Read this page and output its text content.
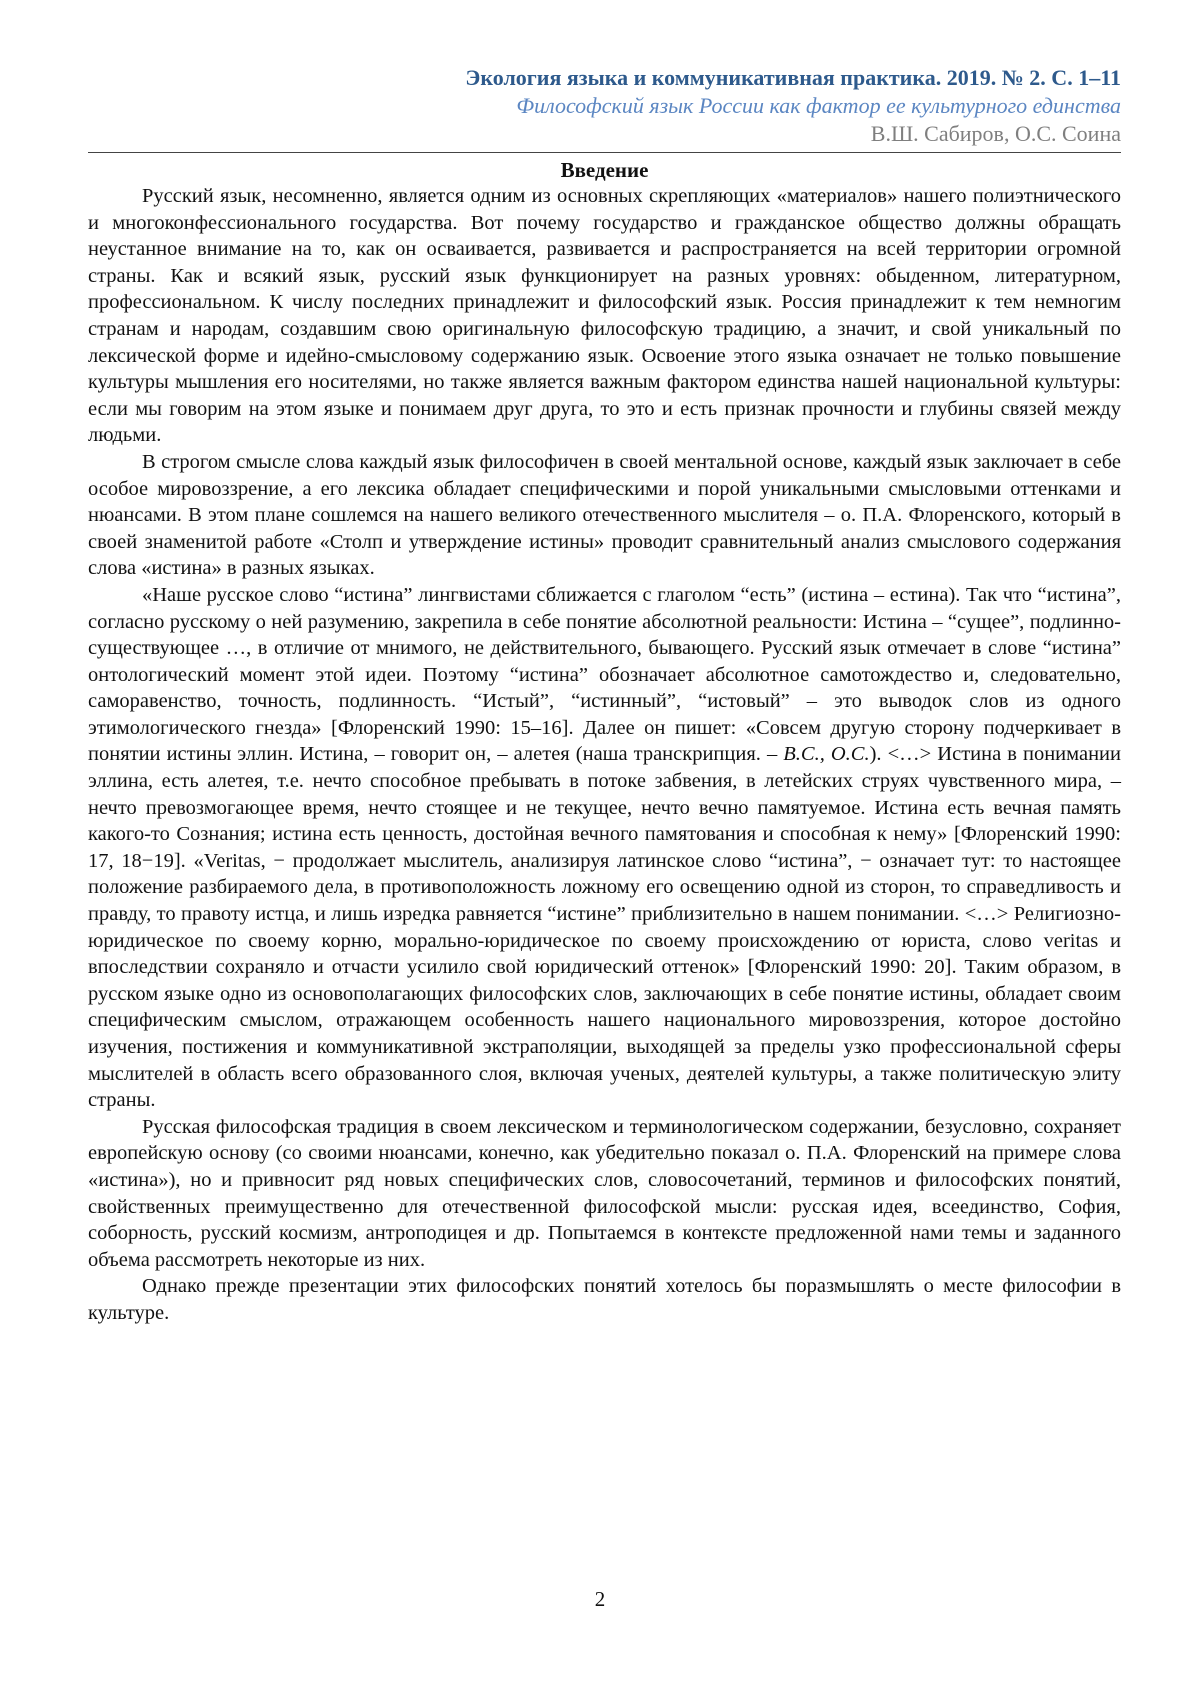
Экология языка и коммуникативная практика. 2019. № 2. С. 1–11
Философский язык России как фактор ее культурного единства
В.Ш. Сабиров, О.С. Соина
Введение

Русский язык, несомненно, является одним из основных скрепляющих «материалов» нашего полиэтнического и многоконфессионального государства. Вот почему государство и гражданское общество должны обращать неустанное внимание на то, как он осваивается, развивается и распространяется на всей территории огромной страны. Как и всякий язык, русский язык функционирует на разных уровнях: обыденном, литературном, профессиональном. К числу последних принадлежит и философский язык. Россия принадлежит к тем немногим странам и народам, создавшим свою оригинальную философскую традицию, а значит, и свой уникальный по лексической форме и идейно-смысловому содержанию язык. Освоение этого языка означает не только повышение культуры мышления его носителями, но также является важным фактором единства нашей национальной культуры: если мы говорим на этом языке и понимаем друг друга, то это и есть признак прочности и глубины связей между людьми.

В строгом смысле слова каждый язык философичен в своей ментальной основе, каждый язык заключает в себе особое мировоззрение, а его лексика обладает специфическими и порой уникальными смысловыми оттенками и нюансами. В этом плане сошлемся на нашего великого отечественного мыслителя – о. П.А. Флоренского, который в своей знаменитой работе «Столп и утверждение истины» проводит сравнительный анализ смыслового содержания слова «истина» в разных языках.

«Наше русское слово “истина” лингвистами сближается с глаголом “есть” (истина – естина). Так что “истина”, согласно русскому о ней разумению, закрепила в себе понятие абсолютной реальности: Истина – “сущее”, подлинно-существующее …, в отличие от мнимого, не действительного, бывающего. Русский язык отмечает в слове “истина” онтологический момент этой идеи. Поэтому “истина” обозначает абсолютное самотождество и, следовательно, саморавенство, точность, подлинность. “Истый”, “истинный”, “истовый” – это выводок слов из одного этимологического гнезда» [Флоренский 1990: 15–16]. Далее он пишет: «Совсем другую сторону подчеркивает в понятии истины эллин. Истина, – говорит он, – алетея (наша транскрипция. – В.С., О.С.). <…> Истина в понимании эллина, есть алетея, т.е. нечто способное пребывать в потоке забвения, в летейских струях чувственного мира, – нечто превозмогающее время, нечто стоящее и не текущее, нечто вечно памятуемое. Истина есть вечная память какого-то Сознания; истина есть ценность, достойная вечного памятования и способная к нему» [Флоренский 1990: 17, 18−19]. «Veritas, − продолжает мыслитель, анализируя латинское слово “истина”, − означает тут: то настоящее положение разбираемого дела, в противоположность ложному его освещению одной из сторон, то справедливость и правду, то правоту истца, и лишь изредка равняется “истине” приблизительно в нашем понимании. <…> Религиозно-юридическое по своему корню, морально-юридическое по своему происхождению от юриста, слово veritas и впоследствии сохраняло и отчасти усилило свой юридический оттенок» [Флоренский 1990: 20]. Таким образом, в русском языке одно из основополагающих философских слов, заключающих в себе понятие истины, обладает своим специфическим смыслом, отражающем особенность нашего национального мировоззрения, которое достойно изучения, постижения и коммуникативной экстраполяции, выходящей за пределы узко профессиональной сферы мыслителей в область всего образованного слоя, включая ученых, деятелей культуры, а также политическую элиту страны.

Русская философская традиция в своем лексическом и терминологическом содержании, безусловно, сохраняет европейскую основу (со своими нюансами, конечно, как убедительно показал о. П.А. Флоренский на примере слова «истина»), но и привносит ряд новых специфических слов, словосочетаний, терминов и философских понятий, свойственных преимущественно для отечественной философской мысли: русская идея, всеединство, София, соборность, русский космизм, антроподицея и др. Попытаемся в контексте предложенной нами темы и заданного объема рассмотреть некоторые из них.

Однако прежде презентации этих философских понятий хотелось бы поразмышлять о месте философии в культуре.

2
